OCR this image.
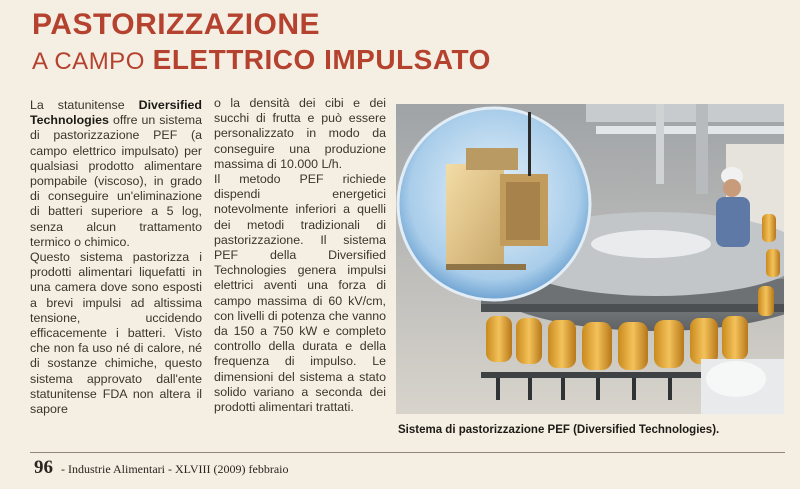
PASTORIZZAZIONE
A CAMPO ELETTRICO IMPULSATO

La statunitense Diversified Technologies offre un sistema di pastorizzazione PEF (a campo elettrico impulsato) per qualsiasi prodotto alimentare pompabile (viscoso), in grado di conseguire un'eliminazione di batteri superiore a 5 log, senza alcun trattamento termico o chimico.

Questo sistema pastorizza i prodotti alimentari liquefatti in una camera dove sono esposti a brevi impulsi ad altissima tensione, uccidendo efficacemente i batteri. Visto che non fa uso né di calore, né di sostanze chimiche, questo sistema approvato dall'ente statunitense FDA non altera il sapore

o la densità dei cibi e dei succhi di frutta e può essere personalizzato in modo da conseguire una produzione massima di 10.000 L/h.

Il metodo PEF richiede dispendi energetici notevolmente inferiori a quelli dei metodi tradizionali di pastorizzazione. Il sistema PEF della Diversified Technologies genera impulsi elettrici aventi una forza di campo massima di 60 kV/cm, con livelli di potenza che vanno da 150 a 750 kW e completo controllo della durata e della frequenza di impulso. Le dimensioni del sistema a stato solido variano a seconda dei prodotti alimentari trattati.

Sistema di pastorizzazione PEF (Diversified Technologies).
96 - Industrie Alimentari - XLVIII (2009) febbraio
